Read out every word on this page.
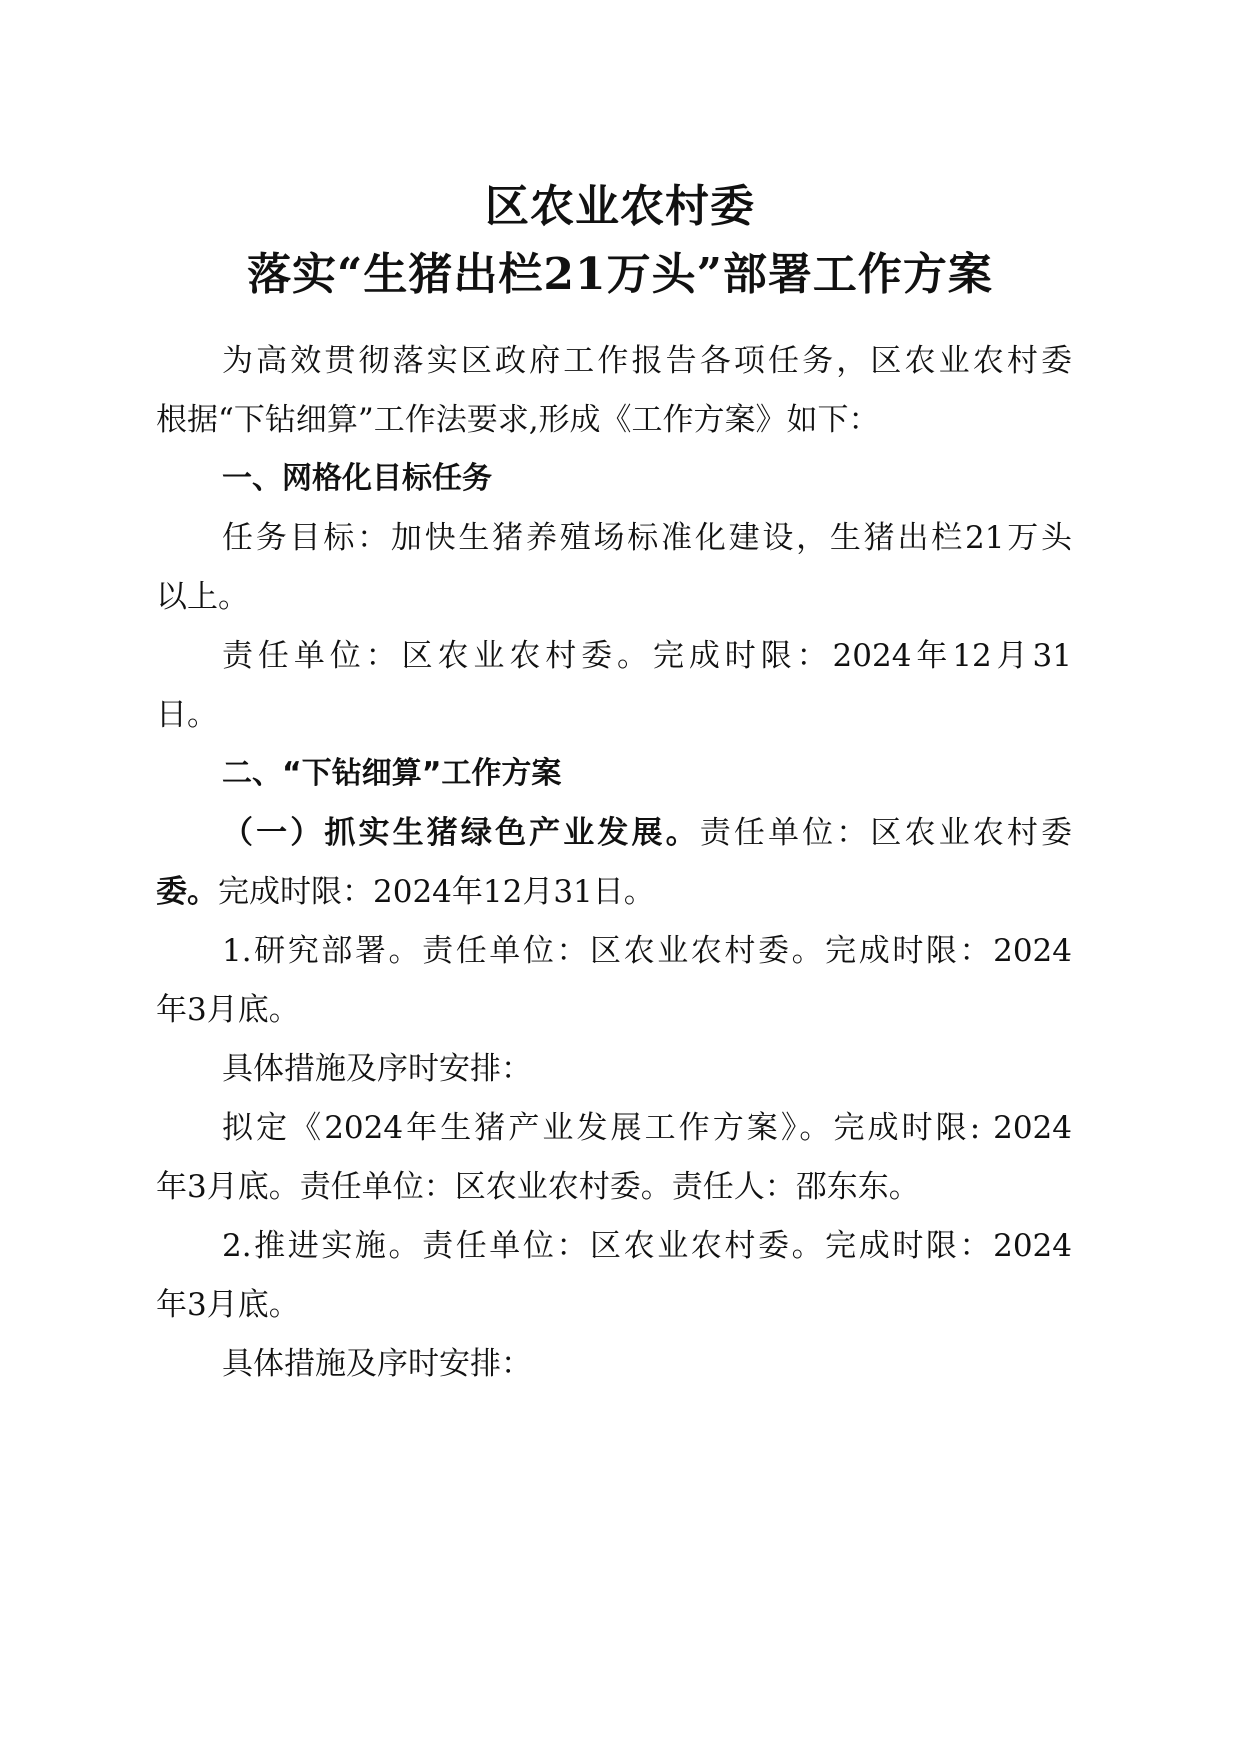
区农业农村委
落实“生猪出栏21万头”部署工作方案
为高效贯彻落实区政府工作报告各项任务，区农业农村委
根据“下钻细算”工作法要求,形成《工作方案》如下：
一、网格化目标任务
任务目标：加快生猪养殖场标准化建设，生猪出栏21万头
以上。
责任单位：区农业农村委。完成时限：2024年12月31
日。
二、“下钻细算”工作方案
（一）抓实生猪绿色产业发展。责任单位：区农业农村委
委。完成时限：2024年12月31日。
1.研究部署。责任单位：区农业农村委。完成时限：2024
年3月底。
具体措施及序时安排：
拟定《2024年生猪产业发展工作方案》。完成时限: 2024
年3月底。责任单位：区农业农村委。责任人：邵东东。
2.推进实施。责任单位：区农业农村委。完成时限：2024
年3月底。
具体措施及序时安排：
